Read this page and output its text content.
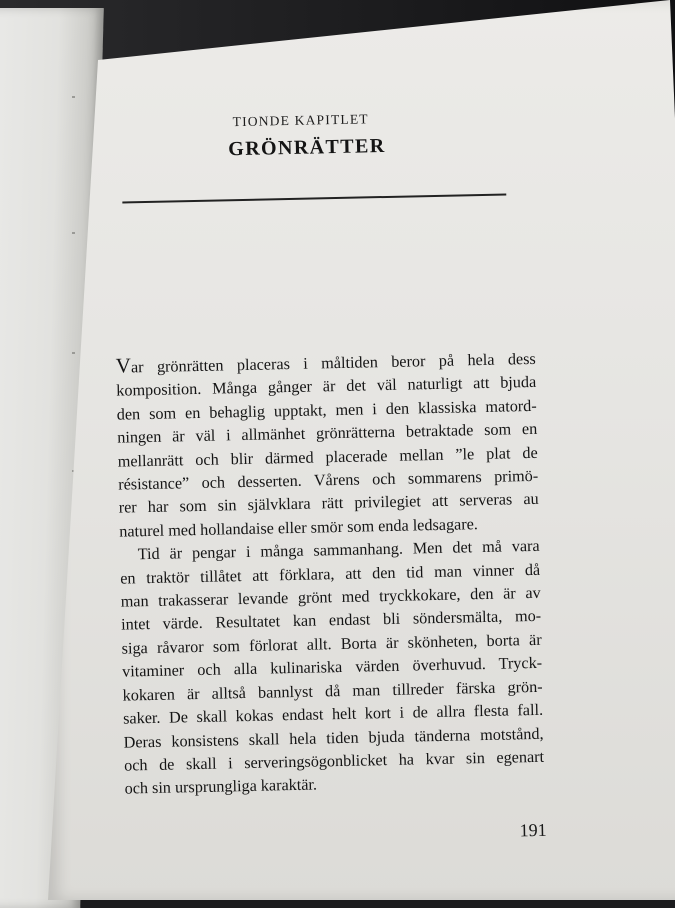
TIONDE KAPITLET
GRÖNRÄTTER
Var grönrätten placeras i måltiden beror på hela dess
komposition. Många gånger är det väl naturligt att bjuda
den som en behaglig upptakt, men i den klassiska matord-
ningen är väl i allmänhet grönrätterna betraktade som en
mellanrätt och blir därmed placerade mellan ”le plat de
résistance” och desserten. Vårens och sommarens primö-
rer har som sin självklara rätt privilegiet att serveras au
naturel med hollandaise eller smör som enda ledsagare.
Tid är pengar i många sammanhang. Men det må vara
en traktör tillåtet att förklara, att den tid man vinner då
man trakasserar levande grönt med tryckkokare, den är av
intet värde. Resultatet kan endast bli söndersmälta, mo-
siga råvaror som förlorat allt. Borta är skönheten, borta är
vitaminer och alla kulinariska värden överhuvud. Tryck-
kokaren är alltså bannlyst då man tillreder färska grön-
saker. De skall kokas endast helt kort i de allra flesta fall.
Deras konsistens skall hela tiden bjuda tänderna motstånd,
och de skall i serveringsögonblicket ha kvar sin egenart
och sin ursprungliga karaktär.
191
